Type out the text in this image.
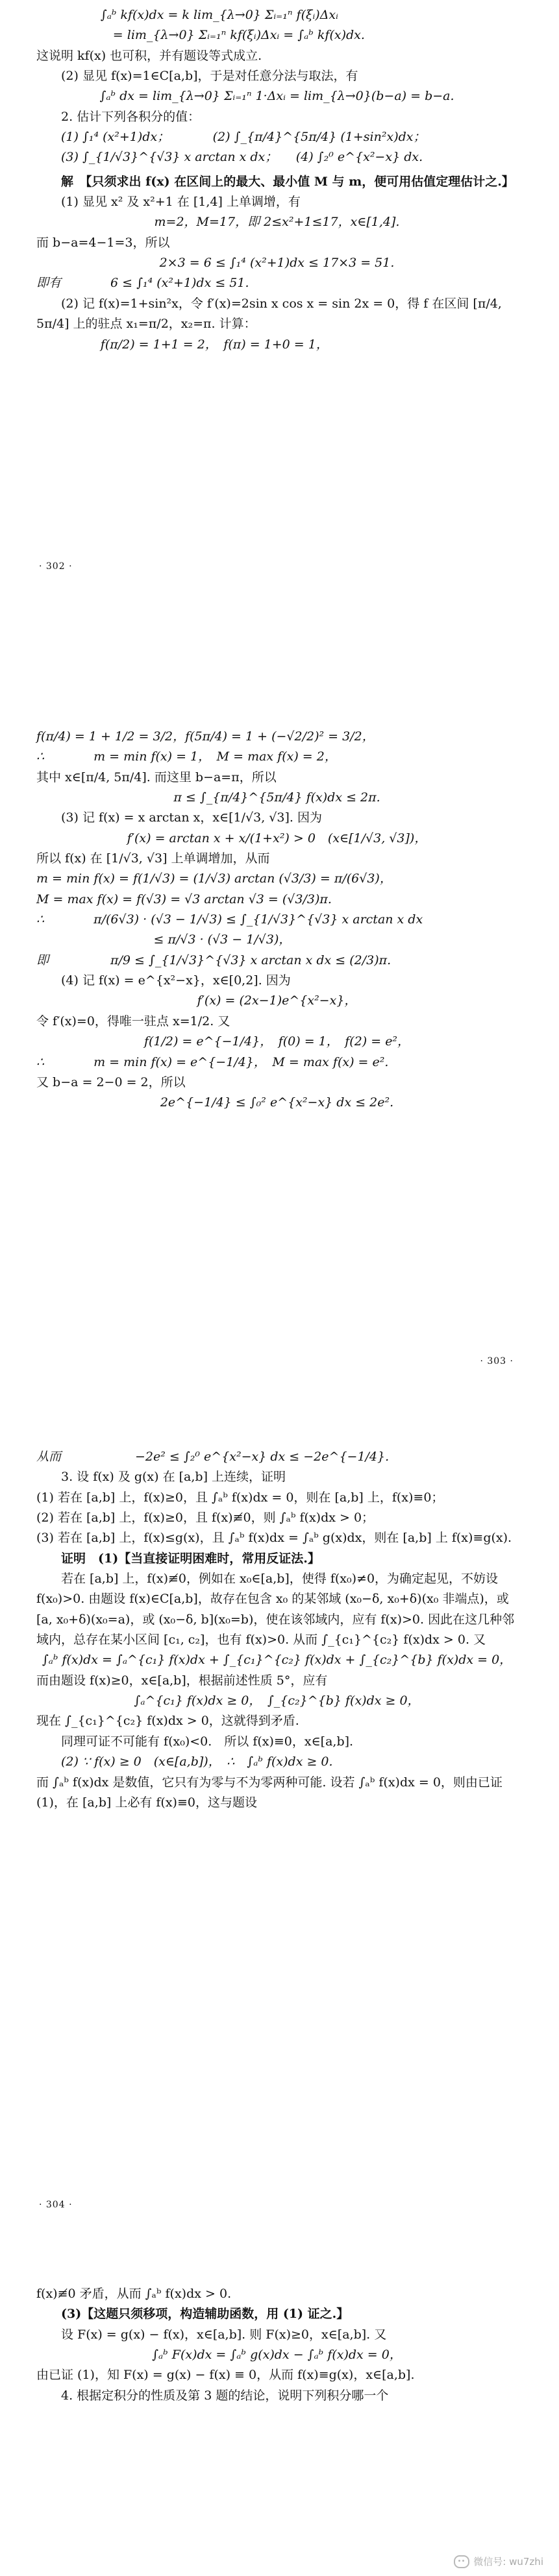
∫ₐᵇ kf(x)dx = k lim_{λ→0} Σᵢ₌₁ⁿ f(ξᵢ)Δxᵢ

= lim_{λ→0} Σᵢ₌₁ⁿ kf(ξᵢ)Δxᵢ = ∫ₐᵇ kf(x)dx.

这说明 kf(x) 也可积，并有题设等式成立.

(2) 显见 f(x)=1∈C[a,b]，于是对任意分法与取法，有

∫ₐᵇ dx = lim_{λ→0} Σᵢ₌₁ⁿ 1·Δxᵢ = lim_{λ→0}(b−a) = b−a.

2. 估计下列各积分的值：

(1) ∫₁⁴ (x²+1)dx；　　　　(2) ∫_{π/4}^{5π/4} (1+sin²x)dx；

(3) ∫_{1/√3}^{√3} x arctan x dx；　　(4) ∫₂⁰ e^{x²−x} dx.

解　【只须求出 f(x) 在区间上的最大、最小值 M 与 m，便可用估值定理估计之.】

(1) 显见 x² 及 x²+1 在 [1,4] 上单调增，有

m=2，M=17，即 2≤x²+1≤17，x∈[1,4].

而 b−a=4−1=3，所以

2×3 = 6 ≤ ∫₁⁴ (x²+1)dx ≤ 17×3 = 51.

即有　　　　6 ≤ ∫₁⁴ (x²+1)dx ≤ 51.

(2) 记 f(x)=1+sin²x，令 f′(x)=2sin x cos x = sin 2x = 0，得 f 在区间 [π/4, 5π/4] 上的驻点 x₁=π/2，x₂=π. 计算：

f(π/2) = 1+1 = 2，　f(π) = 1+0 = 1，

· 302 ·

f(π/4) = 1 + 1/2 = 3/2，f(5π/4) = 1 + (−√2/2)² = 3/2，

∴　　　　m = min f(x) = 1，　M = max f(x) = 2，

其中 x∈[π/4, 5π/4]. 而这里 b−a=π，所以

π ≤ ∫_{π/4}^{5π/4} f(x)dx ≤ 2π.

(3) 记 f(x) = x arctan x，x∈[1/√3, √3]. 因为

f′(x) = arctan x + x/(1+x²) > 0　(x∈[1/√3, √3])，

所以 f(x) 在 [1/√3, √3] 上单调增加，从而

m = min f(x) = f(1/√3) = (1/√3) arctan (√3/3) = π/(6√3)，

M = max f(x) = f(√3) = √3 arctan √3 = (√3/3)π.

∴　　　　π/(6√3) · (√3 − 1/√3) ≤ ∫_{1/√3}^{√3} x arctan x dx

≤ π/√3 · (√3 − 1/√3)，

即　　　　　π/9 ≤ ∫_{1/√3}^{√3} x arctan x dx ≤ (2/3)π.

(4) 记 f(x) = e^{x²−x}，x∈[0,2]. 因为

f′(x) = (2x−1)e^{x²−x}，

令 f′(x)=0，得唯一驻点 x=1/2. 又

f(1/2) = e^{−1/4}，　f(0) = 1，　f(2) = e²，

∴　　　　m = min f(x) = e^{−1/4}，　M = max f(x) = e².

又 b−a = 2−0 = 2，所以

2e^{−1/4} ≤ ∫₀² e^{x²−x} dx ≤ 2e².

· 303 ·

从而　　　　　　−2e² ≤ ∫₂⁰ e^{x²−x} dx ≤ −2e^{−1/4}.

3. 设 f(x) 及 g(x) 在 [a,b] 上连续，证明

(1) 若在 [a,b] 上，f(x)≥0，且 ∫ₐᵇ f(x)dx = 0，则在 [a,b] 上，f(x)≡0；

(2) 若在 [a,b] 上，f(x)≥0，且 f(x)≢0，则 ∫ₐᵇ f(x)dx > 0；

(3) 若在 [a,b] 上，f(x)≤g(x)，且 ∫ₐᵇ f(x)dx = ∫ₐᵇ g(x)dx，则在 [a,b] 上 f(x)≡g(x).

证明　(1)【当直接证明困难时，常用反证法.】

若在 [a,b] 上，f(x)≢0，例如在 x₀∈[a,b]，使得 f(x₀)≠0，为确定起见，不妨设 f(x₀)>0. 由题设 f(x)∈C[a,b]，故存在包含 x₀ 的某邻域 (x₀−δ, x₀+δ)(x₀ 非端点)，或 [a, x₀+δ)(x₀=a)，或 (x₀−δ, b](x₀=b)，使在该邻域内，应有 f(x)>0. 因此在这几种邻域内，总存在某小区间 [c₁, c₂]，也有 f(x)>0. 从而 ∫_{c₁}^{c₂} f(x)dx > 0. 又

∫ₐᵇ f(x)dx = ∫ₐ^{c₁} f(x)dx + ∫_{c₁}^{c₂} f(x)dx + ∫_{c₂}^{b} f(x)dx = 0，

而由题设 f(x)≥0，x∈[a,b]，根据前述性质 5°，应有

∫ₐ^{c₁} f(x)dx ≥ 0，　∫_{c₂}^{b} f(x)dx ≥ 0，

现在 ∫_{c₁}^{c₂} f(x)dx > 0，这就得到矛盾.

同理可证不可能有 f(x₀)<0.　所以 f(x)≡0，x∈[a,b].

(2) ∵ f(x) ≥ 0　(x∈[a,b])，　∴　∫ₐᵇ f(x)dx ≥ 0.

而 ∫ₐᵇ f(x)dx 是数值，它只有为零与不为零两种可能. 设若 ∫ₐᵇ f(x)dx = 0，则由已证 (1)，在 [a,b] 上必有 f(x)≡0，这与题设

· 304 ·

f(x)≢0 矛盾，从而 ∫ₐᵇ f(x)dx > 0.

(3)【这题只须移项，构造辅助函数，用 (1) 证之.】

设 F(x) = g(x) − f(x)，x∈[a,b]. 则 F(x)≥0，x∈[a,b]. 又

∫ₐᵇ F(x)dx = ∫ₐᵇ g(x)dx − ∫ₐᵇ f(x)dx = 0，

由已证 (1)，知 F(x) = g(x) − f(x) ≡ 0，从而 f(x)≡g(x)，x∈[a,b].

4. 根据定积分的性质及第 3 题的结论，说明下列积分哪一个

微信号: wu7zhi
